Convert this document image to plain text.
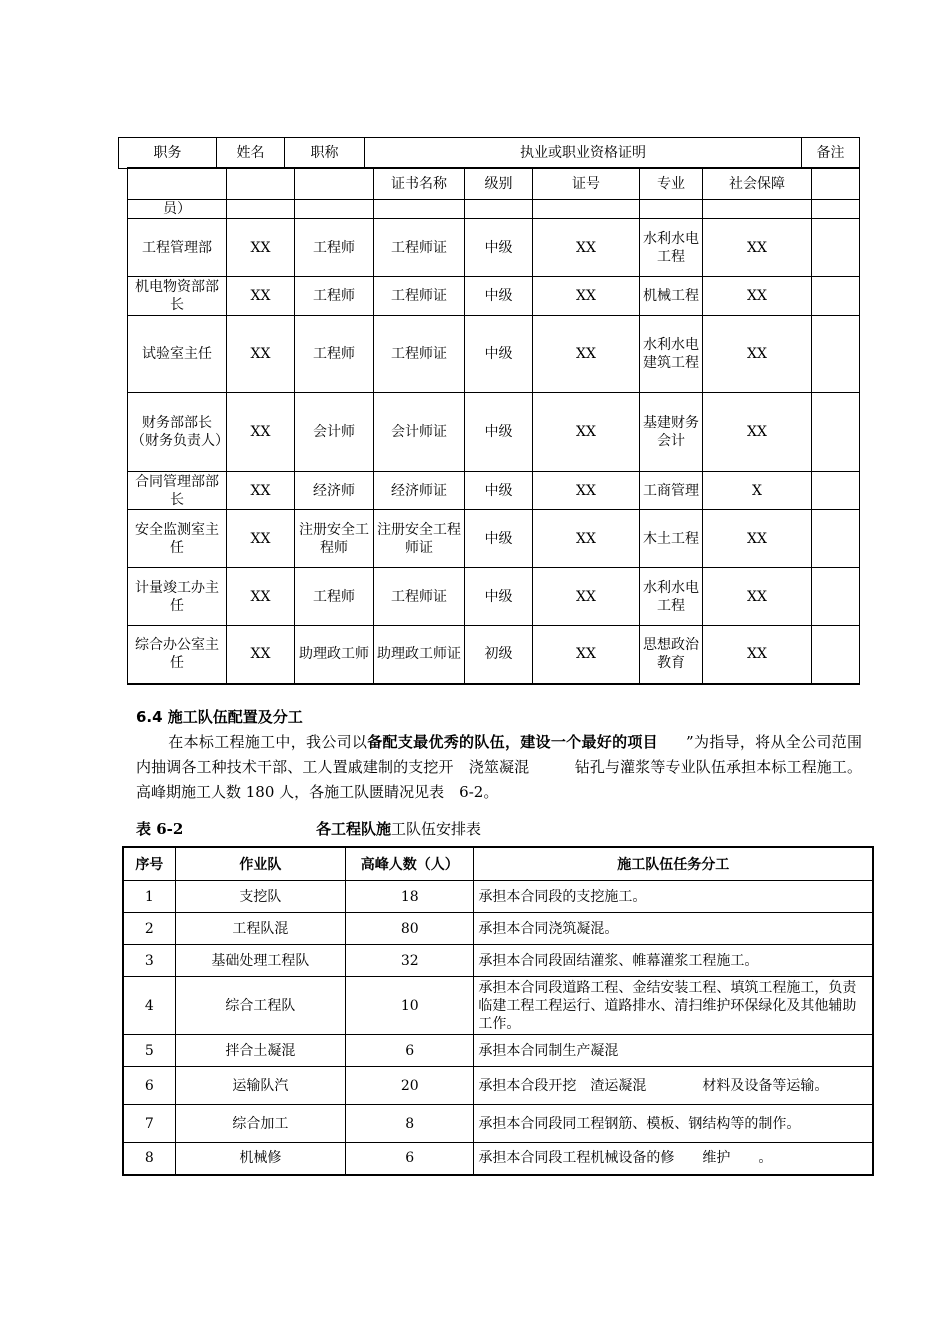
职务	姓名	职称	执业或职业资格证明	备注
			证书名称	级别	证号	专业	社会保障	
员）								
工程管理部	XX	工程师	工程师证	中级	XX	水利水电工程	XX	
机电物资部部长	XX	工程师	工程师证	中级	XX	机械工程	XX	
试验室主任	XX	工程师	工程师证	中级	XX	水利水电建筑工程	XX	
财务部部长（财务负责人）	XX	会计师	会计师证	中级	XX	基建财务会计	XX	
合同管理部部长	XX	经济师	经济师证	中级	XX	工商管理	X	
安全监测室主任	XX	注册安全工程师	注册安全工程师证	中级	XX	木土工程	XX	
计量竣工办主任	XX	工程师	工程师证	中级	XX	水利水电工程	XX	
综合办公室主任	XX	助理政工师	助理政工师证	初级	XX	思想政治教育	XX	
6.4 施工队伍配置及分工
在本标工程施工中，我公司以备配支最优秀的队伍，建设一个最好的项目 ”为指导，将从全公司范围内抽调各工种技术干部、工人置戚建制的支挖开　浇筮凝混　　　钻孔与灌浆等专业队伍承担本标工程施工。高峰期施工人数 180 人，各施工队匮睛况见表　6-2。
表 6-2	各工程队施工队伍安排表
序号	作业队	高峰人数（人）	施工队伍任务分工
1	支挖队	18	承担本合同段的支挖施工。
2	工程队混	80	承担本合同浇筑凝混。
3	基础处理工程队	32	承担本合同段固结灌浆、帷幕灌浆工程施工。
4	综合工程队	10	承担本合同段道路工程、金结安装工程、填筑工程施工，负责临建工程工程运行、道路排水、清扫维护环保绿化及其他辅助工作。
5	拌合土凝混	6	承担本合同制生产凝混
6	运输队汽	20	承担本合段开挖　渣运凝混　　　　材料及设备等运输。
7	综合加工	8	承担本合同段同工程钢筋、模板、钢结构等的制作。
8	机械修	6	承担本合同段工程机械设备的修　　维护　　。
